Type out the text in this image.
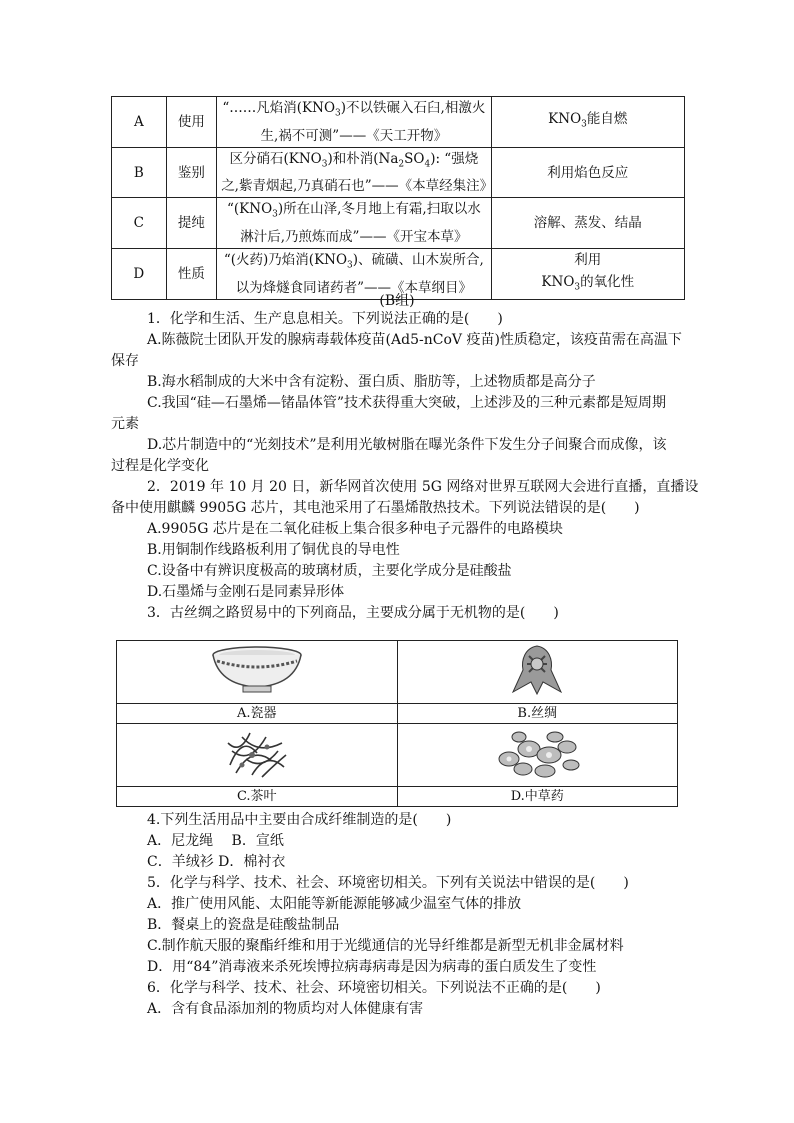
A	使用	“……凡焰消$(KNO_3)$不以铁碾入石臼,相激火生,祸不可测”——《天工开物》	$KNO_3$能自燃
B	鉴别	区分硝石$(KNO_3)$和朴消$(Na_2SO_4)$: “强烧之,紫青烟起,乃真硝石也”——《本草经集注》	利用焰色反应
C	提纯	“$(KNO_3)$所在山泽,冬月地上有霜,扫取以水淋汁后,乃煎炼而成”——《开宝本草》	溶解、蒸发、结晶
D	性质	“(火药)乃焰消$(KNO_3)$、硫磺、山木炭所合,以为烽燧食同诸药者”——《本草纲目》	利用
$KNO_3$的氧化性
(B组)
1．化学和生活、生产息息相关。下列说法正确的是(　　)
A.陈薇院士团队开发的腺病毒载体疫苗(Ad5-nCoV 疫苗)性质稳定，该疫苗需在高温下
保存
B.海水稻制成的大米中含有淀粉、蛋白质、脂肪等，上述物质都是高分子
C.我国“硅—石墨烯—锗晶体管”技术获得重大突破，上述涉及的三种元素都是短周期
元素
D.芯片制造中的“光刻技术”是利用光敏树脂在曝光条件下发生分子间聚合而成像，该
过程是化学变化
2．2019 年 10 月 20 日，新华网首次使用 5G 网络对世界互联网大会进行直播，直播设
备中使用麒麟 9905G 芯片，其电池采用了石墨烯散热技术。下列说法错误的是(　　)
A.9905G 芯片是在二氧化硅板上集合很多种电子元器件的电路模块
B.用铜制作线路板利用了铜优良的导电性
C.设备中有辨识度极高的玻璃材质，主要化学成分是硅酸盐
D.石墨烯与金刚石是同素异形体
3．古丝绸之路贸易中的下列商品，主要成分属于无机物的是(　　)

A.瓷器	B.丝绸

C.茶叶	D.中草药
4.下列生活用品中主要由合成纤维制造的是(　　)
A．尼龙绳　 B．宣纸
C．羊绒衫 D．棉衬衣
5．化学与科学、技术、社会、环境密切相关。下列有关说法中错误的是(　　)
A．推广使用风能、太阳能等新能源能够减少温室气体的排放
B．餐桌上的瓷盘是硅酸盐制品
C.制作航天服的聚酯纤维和用于光缆通信的光导纤维都是新型无机非金属材料
D．用“84”消毒液来杀死埃博拉病毒病毒是因为病毒的蛋白质发生了变性
6．化学与科学、技术、社会、环境密切相关。下列说法不正确的是(　　)
A．含有食品添加剂的物质均对人体健康有害
